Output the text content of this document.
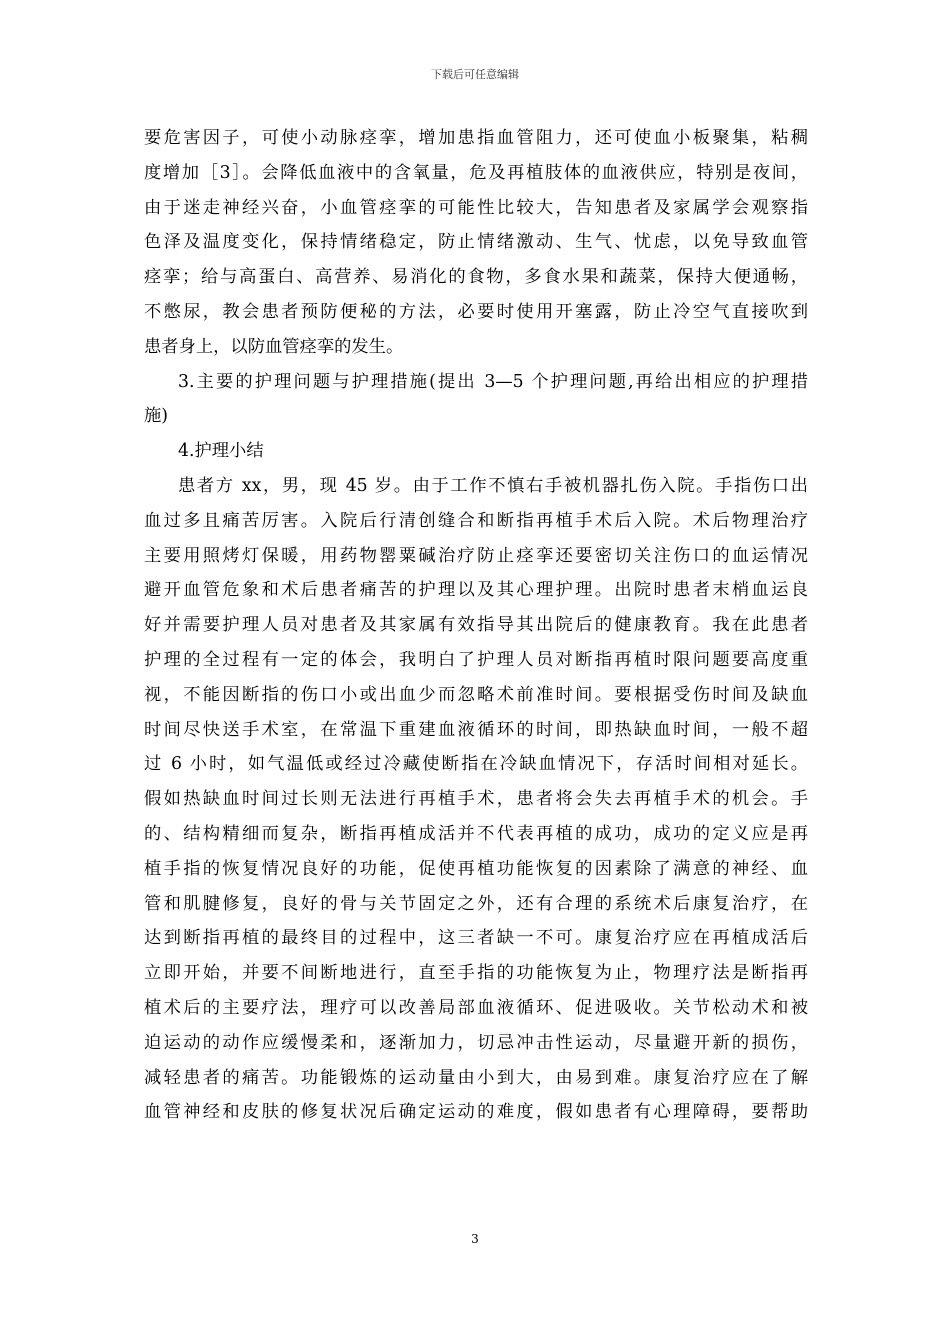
下载后可任意编辑
要危害因子，可使小动脉痉挛，增加患指血管阻力，还可使血小板聚集，粘稠
度增加［3］。会降低血液中的含氧量，危及再植肢体的血液供应，特别是夜间，
由于迷走神经兴奋，小血管痉挛的可能性比较大，告知患者及家属学会观察指
色泽及温度变化，保持情绪稳定，防止情绪激动、生气、忧虑，以免导致血管
痉挛；给与高蛋白、高营养、易消化的食物，多食水果和蔬菜，保持大便通畅，
不憋尿，教会患者预防便秘的方法，必要时使用开塞露，防止冷空气直接吹到
患者身上，以防血管痉挛的发生。
3.主要的护理问题与护理措施(提出 3—5 个护理问题,再给出相应的护理措
施)
4.护理小结
患者方 xx，男，现 45 岁。由于工作不慎右手被机器扎伤入院。手指伤口出
血过多且痛苦厉害。入院后行清创缝合和断指再植手术后入院。术后物理治疗
主要用照烤灯保暖，用药物罂粟碱治疗防止痉挛还要密切关注伤口的血运情况
避开血管危象和术后患者痛苦的护理以及其心理护理。出院时患者末梢血运良
好并需要护理人员对患者及其家属有效指导其出院后的健康教育。我在此患者
护理的全过程有一定的体会，我明白了护理人员对断指再植时限问题要高度重
视，不能因断指的伤口小或出血少而忽略术前准时间。要根据受伤时间及缺血
时间尽快送手术室，在常温下重建血液循环的时间，即热缺血时间，一般不超
过 6 小时，如气温低或经过冷藏使断指在冷缺血情况下，存活时间相对延长。
假如热缺血时间过长则无法进行再植手术，患者将会失去再植手术的机会。手
的、结构精细而复杂，断指再植成活并不代表再植的成功，成功的定义应是再
植手指的恢复情况良好的功能，促使再植功能恢复的因素除了满意的神经、血
管和肌腱修复，良好的骨与关节固定之外，还有合理的系统术后康复治疗，在
达到断指再植的最终目的过程中，这三者缺一不可。康复治疗应在再植成活后
立即开始，并要不间断地进行，直至手指的功能恢复为止，物理疗法是断指再
植术后的主要疗法，理疗可以改善局部血液循环、促进吸收。关节松动术和被
迫运动的动作应缓慢柔和，逐渐加力，切忌冲击性运动，尽量避开新的损伤，
减轻患者的痛苦。功能锻炼的运动量由小到大，由易到难。康复治疗应在了解
血管神经和皮肤的修复状况后确定运动的难度，假如患者有心理障碍，要帮助
3
